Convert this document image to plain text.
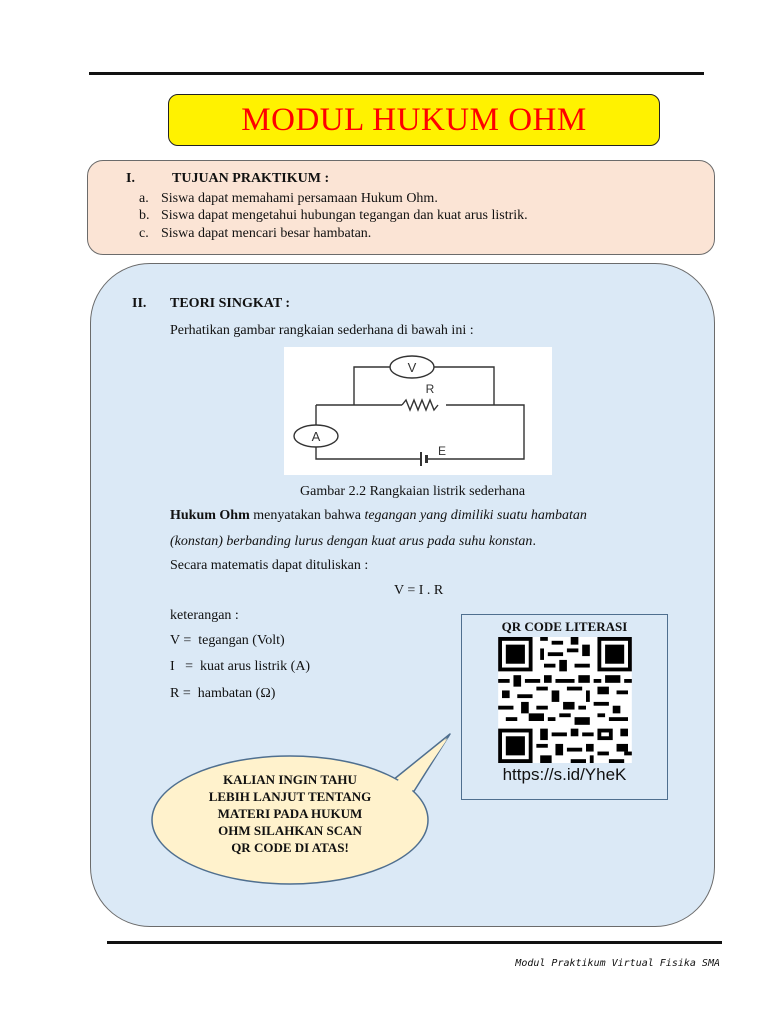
MODUL HUKUM OHM
I.	TUJUAN PRAKTIKUM :
a. Siswa dapat memahami persamaan Hukum Ohm.
b. Siswa dapat mengetahui hubungan tegangan dan kuat arus listrik.
c. Siswa dapat mencari besar hambatan.
II. TEORI SINGKAT :
Perhatikan gambar rangkaian sederhana di bawah ini :
V
R
A
E
Gambar 2.2 Rangkaian listrik sederhana
Hukum Ohm menyatakan bahwa tegangan yang dimiliki suatu hambatan
(konstan) berbanding lurus dengan kuat arus pada suhu konstan.
Secara matematis dapat dituliskan :
V = I . R
keterangan :
V =  tegangan (Volt)
I   =  kuat arus listrik (A)
R =  hambatan (Ω)
QR CODE LITERASI
https://s.id/YheK
KALIAN INGIN TAHU
LEBIH LANJUT TENTANG
MATERI PADA HUKUM
OHM SILAHKAN SCAN
QR CODE DI ATAS!
Modul Praktikum Virtual Fisika SMA
